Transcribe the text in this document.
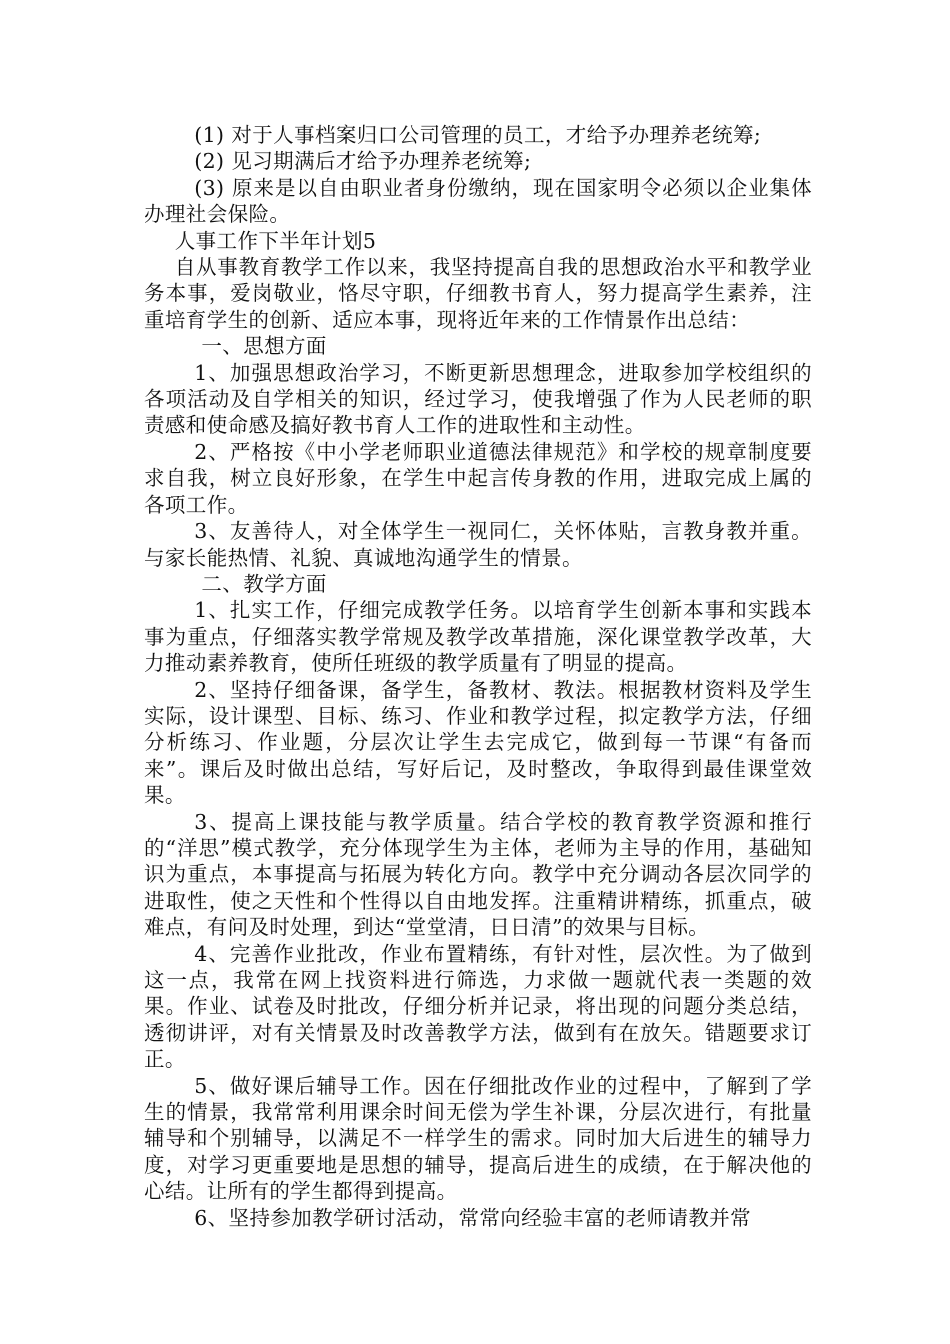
(1) 对于人事档案归口公司管理的员工，才给予办理养老统筹;

(2) 见习期满后才给予办理养老统筹;

(3) 原来是以自由职业者身份缴纳，现在国家明令必须以企业集体办理社会保险。

人事工作下半年计划5

自从事教育教学工作以来，我坚持提高自我的思想政治水平和教学业务本事，爱岗敬业，恪尽守职，仔细教书育人，努力提高学生素养，注重培育学生的创新、适应本事，现将近年来的工作情景作出总结：

一、思想方面

1、加强思想政治学习，不断更新思想理念，进取参加学校组织的各项活动及自学相关的知识，经过学习，使我增强了作为人民老师的职责感和使命感及搞好教书育人工作的进取性和主动性。

2、严格按《中小学老师职业道德法律规范》和学校的规章制度要求自我，树立良好形象，在学生中起言传身教的作用，进取完成上属的各项工作。

3、友善待人，对全体学生一视同仁，关怀体贴，言教身教并重。与家长能热情、礼貌、真诚地沟通学生的情景。

二、教学方面

1、扎实工作，仔细完成教学任务。以培育学生创新本事和实践本事为重点，仔细落实教学常规及教学改革措施，深化课堂教学改革，大力推动素养教育，使所任班级的教学质量有了明显的提高。

2、坚持仔细备课，备学生，备教材、教法。根据教材资料及学生实际，设计课型、目标、练习、作业和教学过程，拟定教学方法，仔细分析练习、作业题，分层次让学生去完成它，做到每一节课“有备而来”。课后及时做出总结，写好后记，及时整改，争取得到最佳课堂效果。

3、提高上课技能与教学质量。结合学校的教育教学资源和推行的“洋思”模式教学，充分体现学生为主体，老师为主导的作用，基础知识为重点，本事提高与拓展为转化方向。教学中充分调动各层次同学的进取性，使之天性和个性得以自由地发挥。注重精讲精练，抓重点，破难点，有问及时处理，到达“堂堂清，日日清”的效果与目标。

4、完善作业批改，作业布置精练，有针对性，层次性。为了做到这一点，我常在网上找资料进行筛选，力求做一题就代表一类题的效果。作业、试卷及时批改，仔细分析并记录，将出现的问题分类总结，透彻讲评，对有关情景及时改善教学方法，做到有在放矢。错题要求订正。

5、做好课后辅导工作。因在仔细批改作业的过程中，了解到了学生的情景，我常常利用课余时间无偿为学生补课，分层次进行，有批量辅导和个别辅导，以满足不一样学生的需求。同时加大后进生的辅导力度，对学习更重要地是思想的辅导，提高后进生的成绩，在于解决他的心结。让所有的学生都得到提高。

6、坚持参加教学研讨活动，常常向经验丰富的老师请教并常
